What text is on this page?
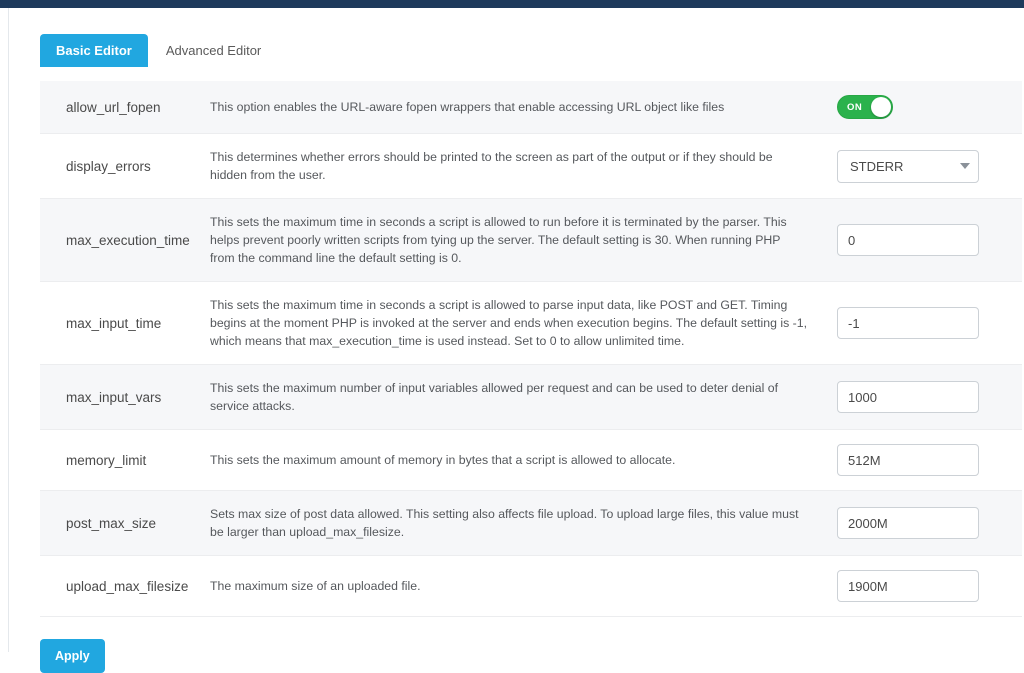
Basic Editor	Advanced Editor
allow_url_fopen	This option enables the URL-aware fopen wrappers that enable accessing URL object like files	ON

display_errors	This determines whether errors should be printed to the screen as part of the output or if they should be hidden from the user.	STDERR

max_execution_time	This sets the maximum time in seconds a script is allowed to run before it is terminated by the parser. This helps prevent poorly written scripts from tying up the server. The default setting is 30. When running PHP from the command line the default setting is 0.	0
max_input_time	This sets the maximum time in seconds a script is allowed to parse input data, like POST and GET. Timing begins at the moment PHP is invoked at the server and ends when execution begins. The default setting is -1, which means that max_execution_time is used instead. Set to 0 to allow unlimited time.	-1
max_input_vars	This sets the maximum number of input variables allowed per request and can be used to deter denial of service attacks.	1000
memory_limit	This sets the maximum amount of memory in bytes that a script is allowed to allocate.	512M
post_max_size	Sets max size of post data allowed. This setting also affects file upload. To upload large files, this value must be larger than upload_max_filesize.	2000M
upload_max_filesize	The maximum size of an uploaded file.	1900M
Apply
